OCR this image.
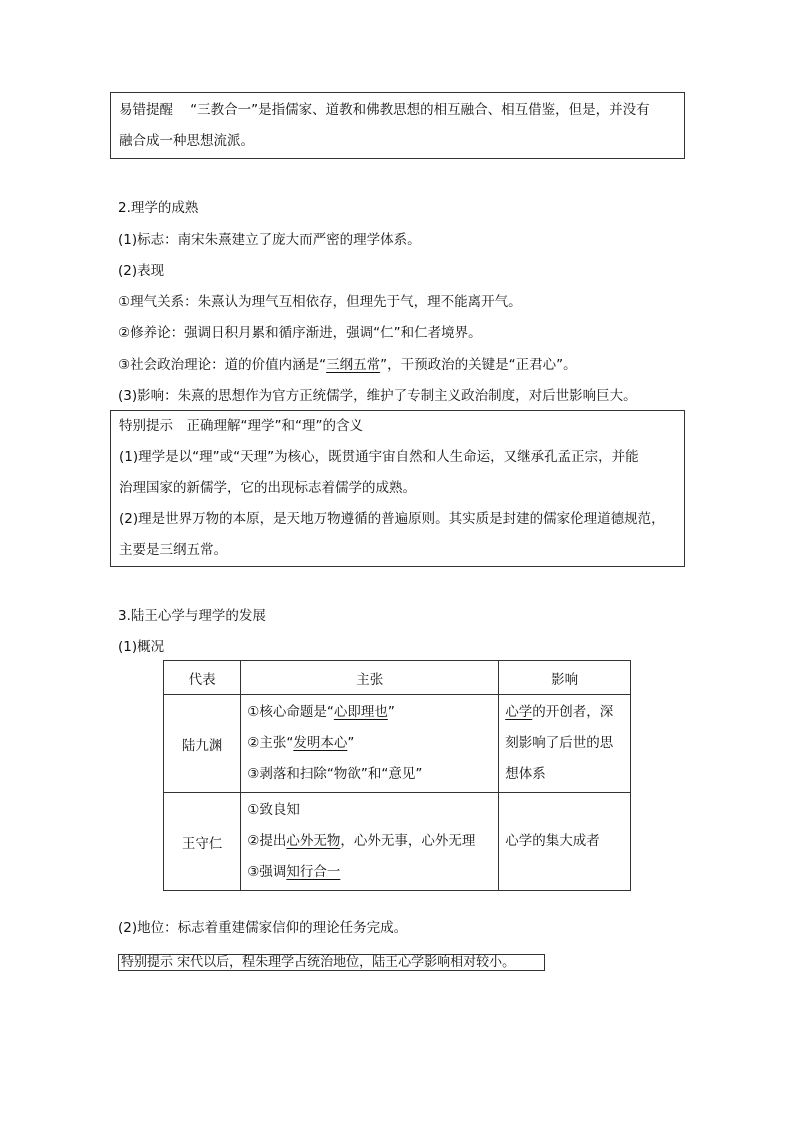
易错提醒 “三教合一”是指儒家、道教和佛教思想的相互融合、相互借鉴，但是，并没有
融合成一种思想流派。
2.理学的成熟
(1)标志：南宋朱熹建立了庞大而严密的理学体系。
(2)表现
①理气关系：朱熹认为理气互相依存，但理先于气，理不能离开气。
②修养论：强调日积月累和循序渐进，强调“仁”和仁者境界。
③社会政治理论：道的价值内涵是“三纲五常”，干预政治的关键是“正君心”。
(3)影响：朱熹的思想作为官方正统儒学，维护了专制主义政治制度，对后世影响巨大。
特别提示　正确理解“理学”和“理”的含义
(1)理学是以“理”或“天理”为核心，既贯通宇宙自然和人生命运，又继承孔孟正宗，并能
治理国家的新儒学，它的出现标志着儒学的成熟。
(2)理是世界万物的本原，是天地万物遵循的普遍原则。其实质是封建的儒家伦理道德规范，
主要是三纲五常。
3.陆王心学与理学的发展
(1)概况
代表	主张	影响
陆九渊	①核心命题是“心即理也”
②主张“发明本心”
③剥落和扫除“物欲”和“意见”	心学的开创者，深刻影响了后世的思想体系
王守仁	①致良知
②提出心外无物，心外无事，心外无理
③强调知行合一	心学的集大成者
(2)地位：标志着重建儒家信仰的理论任务完成。
特别提示 宋代以后，程朱理学占统治地位，陆王心学影响相对较小。
